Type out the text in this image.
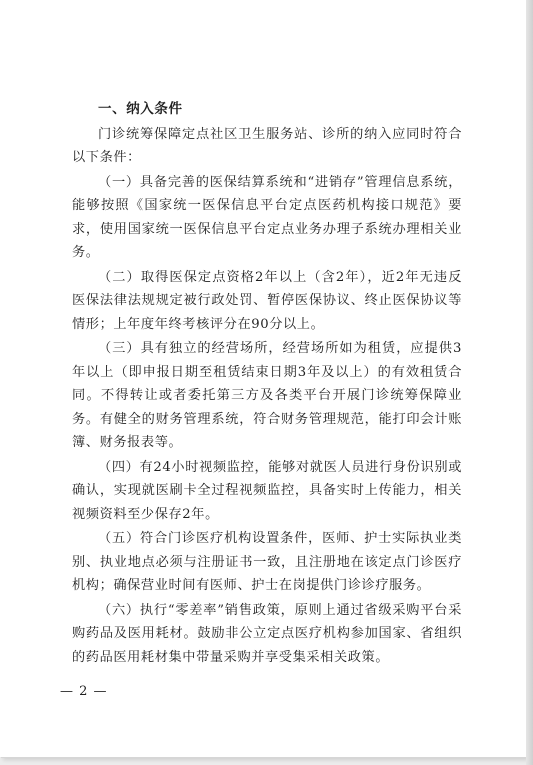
一、纳入条件

门诊统筹保障定点社区卫生服务站、诊所的纳入应同时符合以下条件：

（一）具备完善的医保结算系统和“进销存”管理信息系统，能够按照《国家统一医保信息平台定点医药机构接口规范》要求，使用国家统一医保信息平台定点业务办理子系统办理相关业务。

（二）取得医保定点资格2年以上（含2年），近2年无违反医保法律法规规定被行政处罚、暂停医保协议、终止医保协议等情形；上年度年终考核评分在90分以上。

（三）具有独立的经营场所，经营场所如为租赁，应提供3年以上（即申报日期至租赁结束日期3年及以上）的有效租赁合同。不得转让或者委托第三方及各类平台开展门诊统筹保障业务。有健全的财务管理系统，符合财务管理规范，能打印会计账簿、财务报表等。

（四）有24小时视频监控，能够对就医人员进行身份识别或确认，实现就医刷卡全过程视频监控，具备实时上传能力，相关视频资料至少保存2年。

（五）符合门诊医疗机构设置条件，医师、护士实际执业类别、执业地点必须与注册证书一致，且注册地在该定点门诊医疗机构；确保营业时间有医师、护士在岗提供门诊诊疗服务。

（六）执行“零差率”销售政策，原则上通过省级采购平台采购药品及医用耗材。鼓励非公立定点医疗机构参加国家、省组织的药品医用耗材集中带量采购并享受集采相关政策。

— 2 —
